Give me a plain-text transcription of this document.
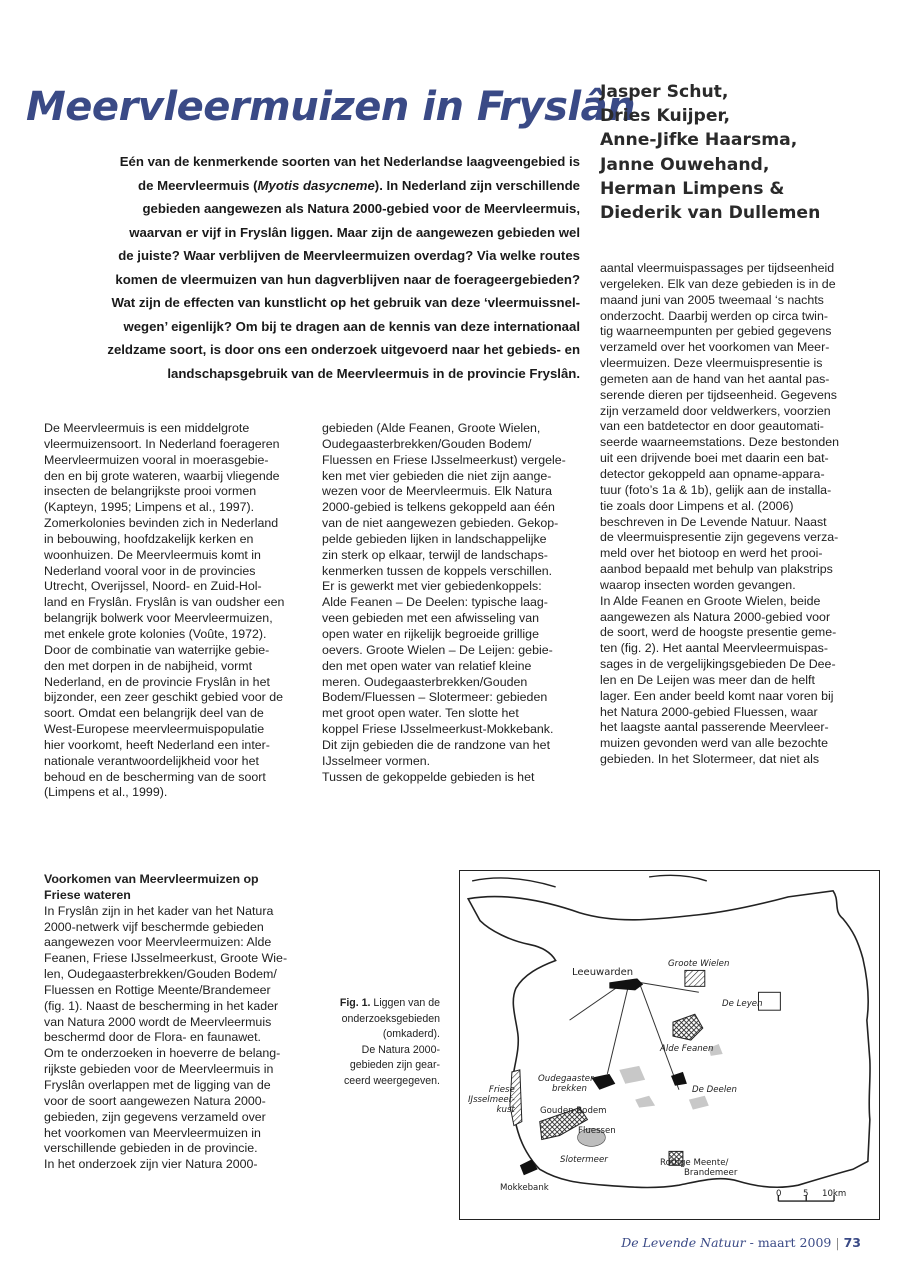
Meervleermuizen in Fryslân
Jasper Schut,
Dries Kuijper,
Anne-Jifke Haarsma,
Janne Ouwehand,
Herman Limpens &
Diederik van Dullemen
Eén van de kenmerkende soorten van het Nederlandse laagveengebied is
de Meervleermuis (Myotis dasycneme). In Nederland zijn verschillende
gebieden aangewezen als Natura 2000-gebied voor de Meervleermuis,
waarvan er vijf in Fryslân liggen. Maar zijn de aangewezen gebieden wel
de juiste? Waar verblijven de Meervleermuizen overdag? Via welke routes
komen de vleermuizen van hun dagverblijven naar de foerageergebieden?
Wat zijn de effecten van kunstlicht op het gebruik van deze ‘vleermuissnel-
wegen’ eigenlijk? Om bij te dragen aan de kennis van deze internationaal
zeldzame soort, is door ons een onderzoek uitgevoerd naar het gebieds- en
landschapsgebruik van de Meervleermuis in de provincie Fryslân.
De Meervleermuis is een middelgrote
vleermuizensoort. In Nederland foerageren
Meervleermuizen vooral in moerasgebie-
den en bij grote wateren, waarbij vliegende
insecten de belangrijkste prooi vormen
(Kapteyn, 1995; Limpens et al., 1997).
Zomerkolonies bevinden zich in Nederland
in bebouwing, hoofdzakelijk kerken en
woonhuizen. De Meervleermuis komt in
Nederland vooral voor in de provincies
Utrecht, Overijssel, Noord- en Zuid-Hol-
land en Fryslân. Fryslân is van oudsher een
belangrijk bolwerk voor Meervleermuizen,
met enkele grote kolonies (Voûte, 1972).
Door de combinatie van waterrijke gebie-
den met dorpen in de nabijheid, vormt
Nederland, en de provincie Fryslân in het
bijzonder, een zeer geschikt gebied voor de
soort. Omdat een belangrijk deel van de
West-Europese meervleermuispopulatie
hier voorkomt, heeft Nederland een inter-
nationale verantwoordelijkheid voor het
behoud en de bescherming van de soort
(Limpens et al., 1999).
Voorkomen van Meervleermuizen op
Friese wateren
In Fryslân zijn in het kader van het Natura
2000-netwerk vijf beschermde gebieden
aangewezen voor Meervleermuizen: Alde
Feanen, Friese IJsselmeerkust, Groote Wie-
len, Oudegaasterbrekken/Gouden Bodem/
Fluessen en Rottige Meente/Brandemeer
(fig. 1). Naast de bescherming in het kader
van Natura 2000 wordt de Meervleermuis
beschermd door de Flora- en faunawet.
Om te onderzoeken in hoeverre de belang-
rijkste gebieden voor de Meervleermuis in
Fryslân overlappen met de ligging van de
voor de soort aangewezen Natura 2000-
gebieden, zijn gegevens verzameld over
het voorkomen van Meervleermuizen in
verschillende gebieden in de provincie.
In het onderzoek zijn vier Natura 2000-
gebieden (Alde Feanen, Groote Wielen,
Oudegaasterbrekken/Gouden Bodem/
Fluessen en Friese IJsselmeerkust) vergele-
ken met vier gebieden die niet zijn aange-
wezen voor de Meervleermuis. Elk Natura
2000-gebied is telkens gekoppeld aan één
van de niet aangewezen gebieden. Gekop-
pelde gebieden lijken in landschappelijke
zin sterk op elkaar, terwijl de landschaps-
kenmerken tussen de koppels verschillen.
Er is gewerkt met vier gebiedenkoppels:
Alde Feanen – De Deelen: typische laag-
veen gebieden met een afwisseling van
open water en rijkelijk begroeide grillige
oevers. Groote Wielen – De Leijen: gebie-
den met open water van relatief kleine
meren. Oudegaasterbrekken/Gouden
Bodem/Fluessen – Slotermeer: gebieden
met groot open water. Ten slotte het
koppel Friese IJsselmeerkust-Mokkebank.
Dit zijn gebieden die de randzone van het
IJsselmeer vormen.
Tussen de gekoppelde gebieden is het
aantal vleermuispassages per tijdseenheid
vergeleken. Elk van deze gebieden is in de
maand juni van 2005 tweemaal ‘s nachts
onderzocht. Daarbij werden op circa twin-
tig waarneempunten per gebied gegevens
verzameld over het voorkomen van Meer-
vleermuizen. Deze vleermuispresentie is
gemeten aan de hand van het aantal pas-
serende dieren per tijdseenheid. Gegevens
zijn verzameld door veldwerkers, voorzien
van een batdetector en door geautomati-
seerde waarneemstations. Deze bestonden
uit een drijvende boei met daarin een bat-
detector gekoppeld aan opname-appara-
tuur (foto’s 1a & 1b), gelijk aan de installa-
tie zoals door Limpens et al. (2006)
beschreven in De Levende Natuur. Naast
de vleermuispresentie zijn gegevens verza-
meld over het biotoop en werd het prooi-
aanbod bepaald met behulp van plakstrips
waarop insecten worden gevangen.
In Alde Feanen en Groote Wielen, beide
aangewezen als Natura 2000-gebied voor
de soort, werd de hoogste presentie geme-
ten (fig. 2). Het aantal Meervleermuispas-
sages in de vergelijkingsgebieden De Dee-
len en De Leijen was meer dan de helft
lager. Een ander beeld komt naar voren bij
het Natura 2000-gebied Fluessen, waar
het laagste aantal passerende Meervleer-
muizen gevonden werd van alle bezochte
gebieden. In het Slotermeer, dat niet als
Fig. 1. Liggen van de
onderzoeksgebieden
(omkaderd).
De Natura 2000-
gebieden zijn gear-
ceerd weergegeven.
Leeuwarden
Groote Wielen
De Leyen
Alde Feanen
Oudegaaster-
brekken	De Deelen
Friese
IJsselmeer-
kust	Gouden Bodem
Fluessen
Slotermeer	Rottige Meente/
Brandemeer
Mokkebank
0	5 10km
De Levende Natuur - maart 2009 | 73
